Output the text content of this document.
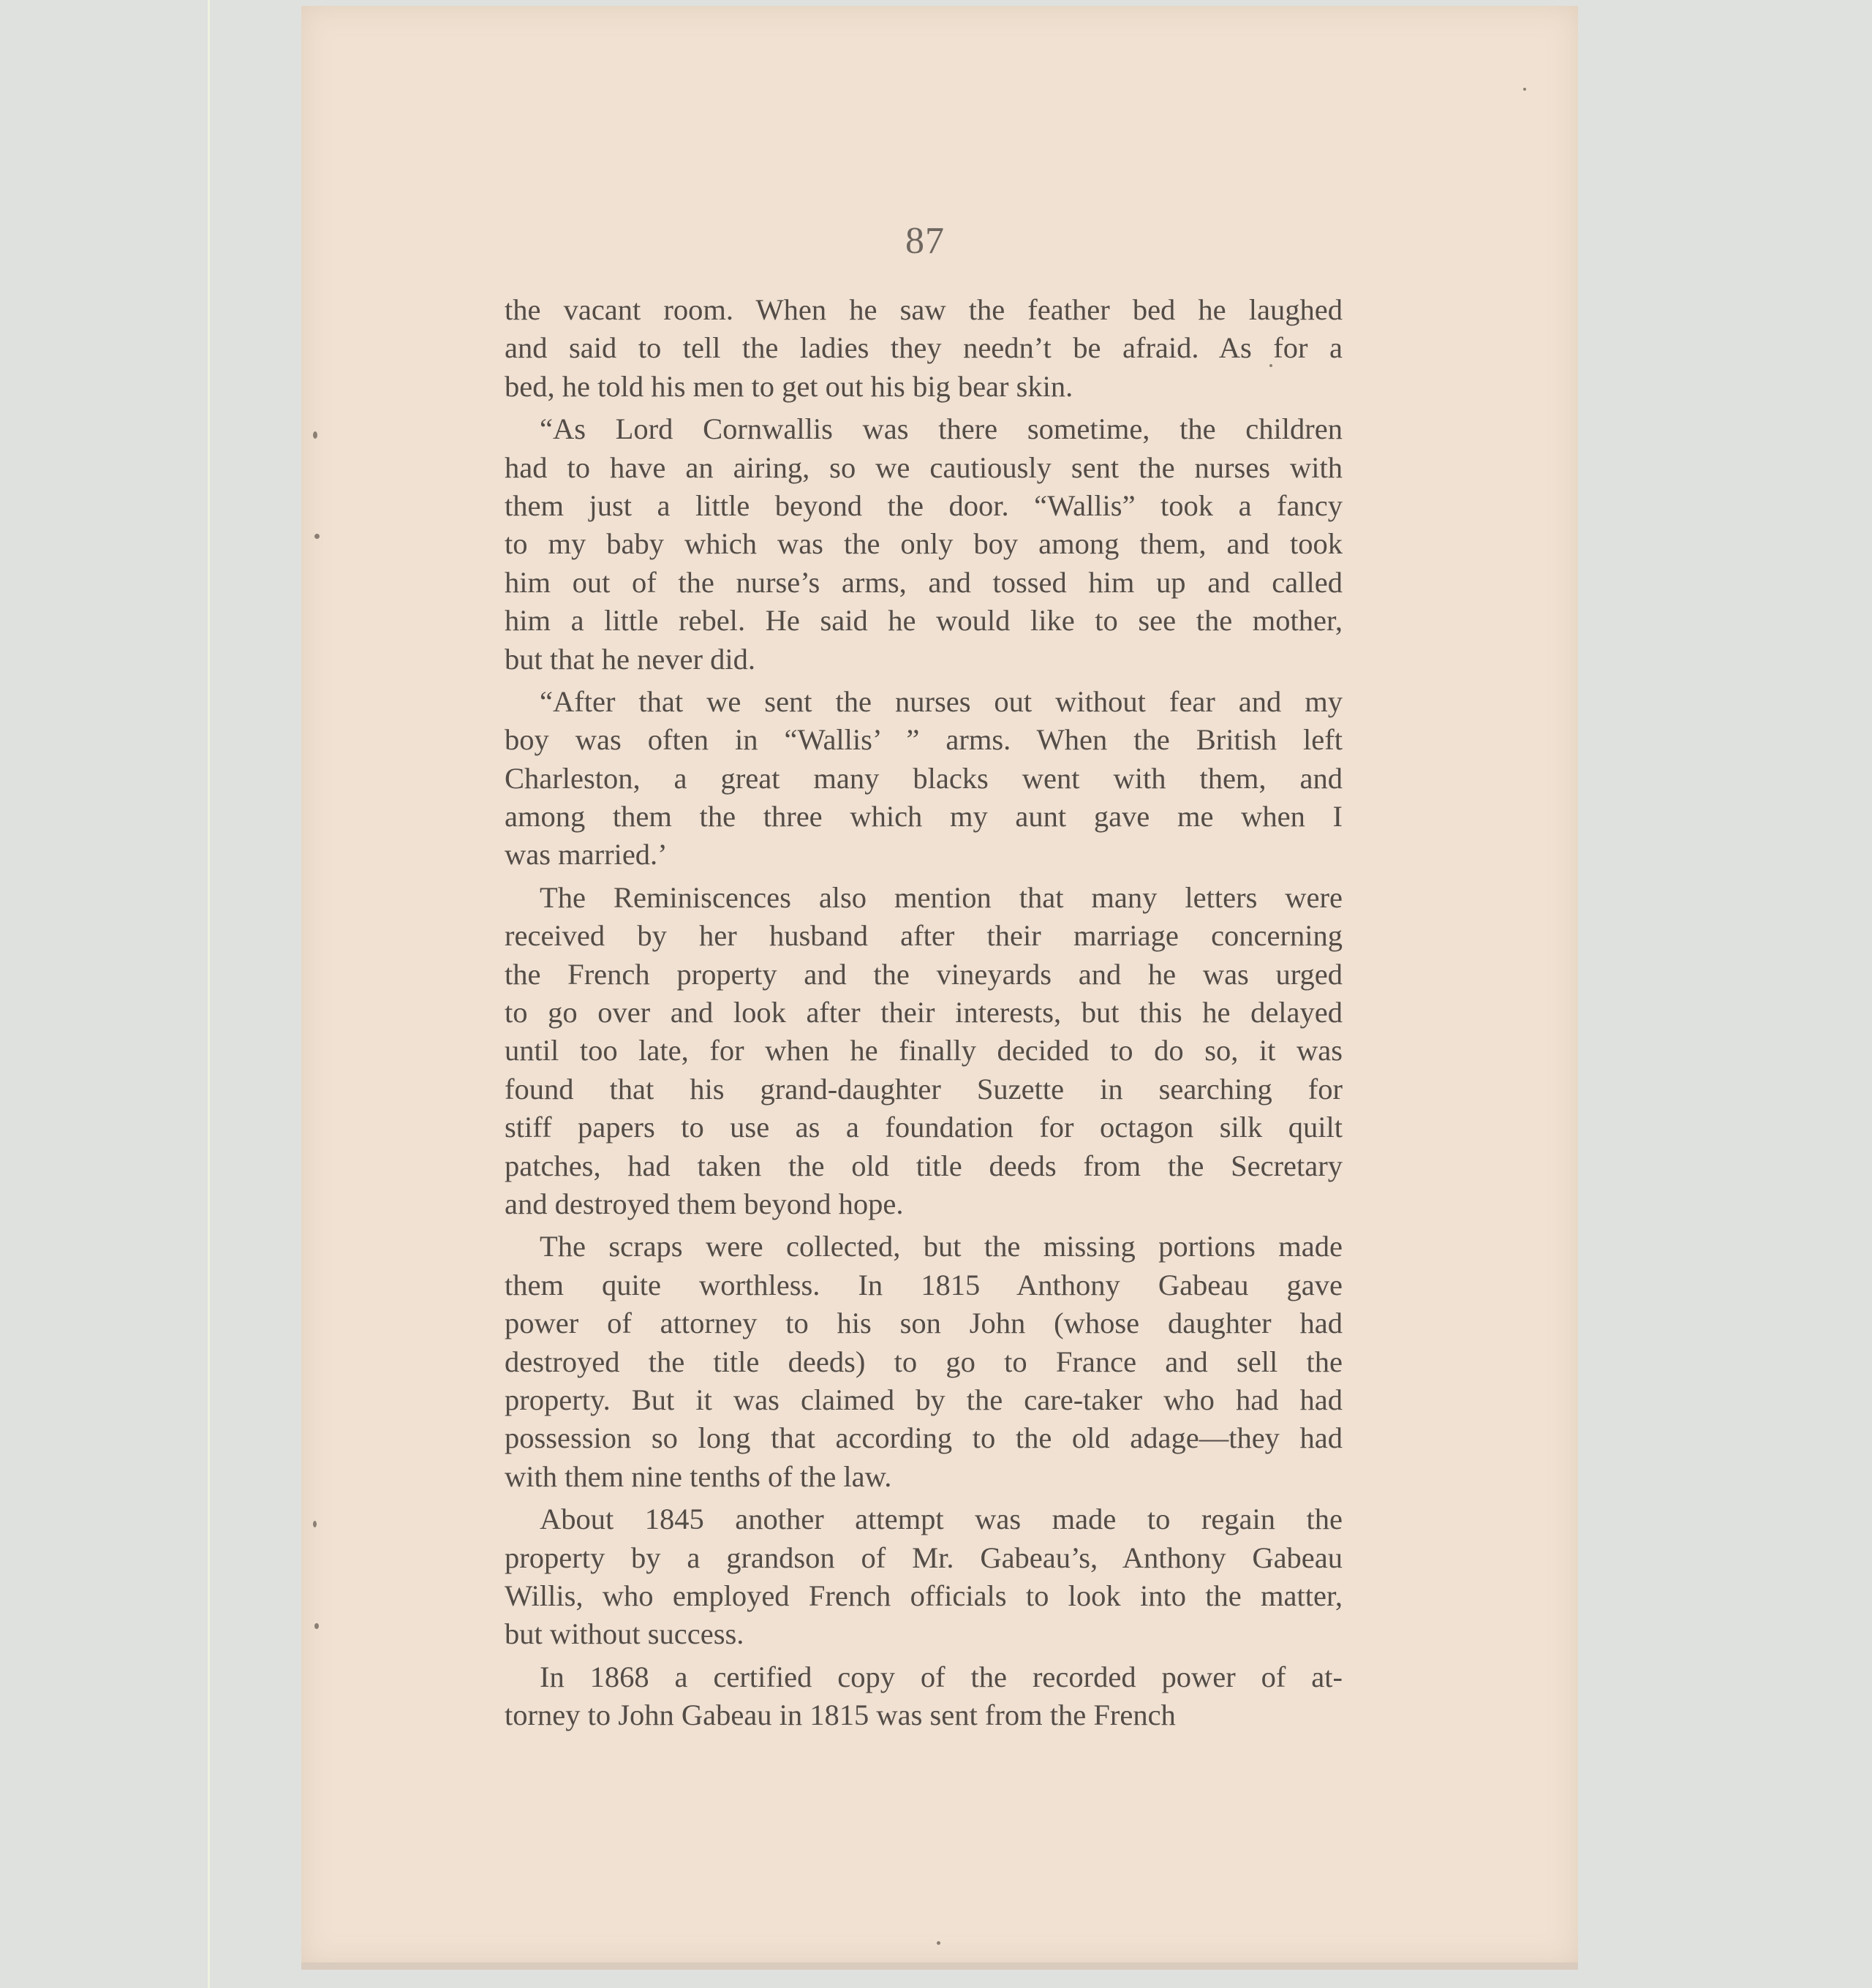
87
the vacant room. When he saw the feather bed he laughed
and said to tell the ladies they needn’t be afraid. As for a
bed, he told his men to get out his big bear skin.
“As Lord Cornwallis was there sometime, the children
had to have an airing, so we cautiously sent the nurses with
them just a little beyond the door. “Wallis” took a fancy
to my baby which was the only boy among them, and took
him out of the nurse’s arms, and tossed him up and called
him a little rebel. He said he would like to see the mother,
but that he never did.
“After that we sent the nurses out without fear and my
boy was often in “Wallis’ ” arms. When the British left
Charleston, a great many blacks went with them, and
among them the three which my aunt gave me when I
was married.’
The Reminiscences also mention that many letters were
received by her husband after their marriage concerning
the French property and the vineyards and he was urged
to go over and look after their interests, but this he delayed
until too late, for when he finally decided to do so, it was
found that his grand-daughter Suzette in searching for
stiff papers to use as a foundation for octagon silk quilt
patches, had taken the old title deeds from the Secretary
and destroyed them beyond hope.
The scraps were collected, but the missing portions made
them quite worthless. In 1815 Anthony Gabeau gave
power of attorney to his son John (whose daughter had
destroyed the title deeds) to go to France and sell the
property. But it was claimed by the care-taker who had had
possession so long that according to the old adage—they had
with them nine tenths of the law.
About 1845 another attempt was made to regain the
property by a grandson of Mr. Gabeau’s, Anthony Gabeau
Willis, who employed French officials to look into the matter,
but without success.
In 1868 a certified copy of the recorded power of at-
torney to John Gabeau in 1815 was sent from the French
